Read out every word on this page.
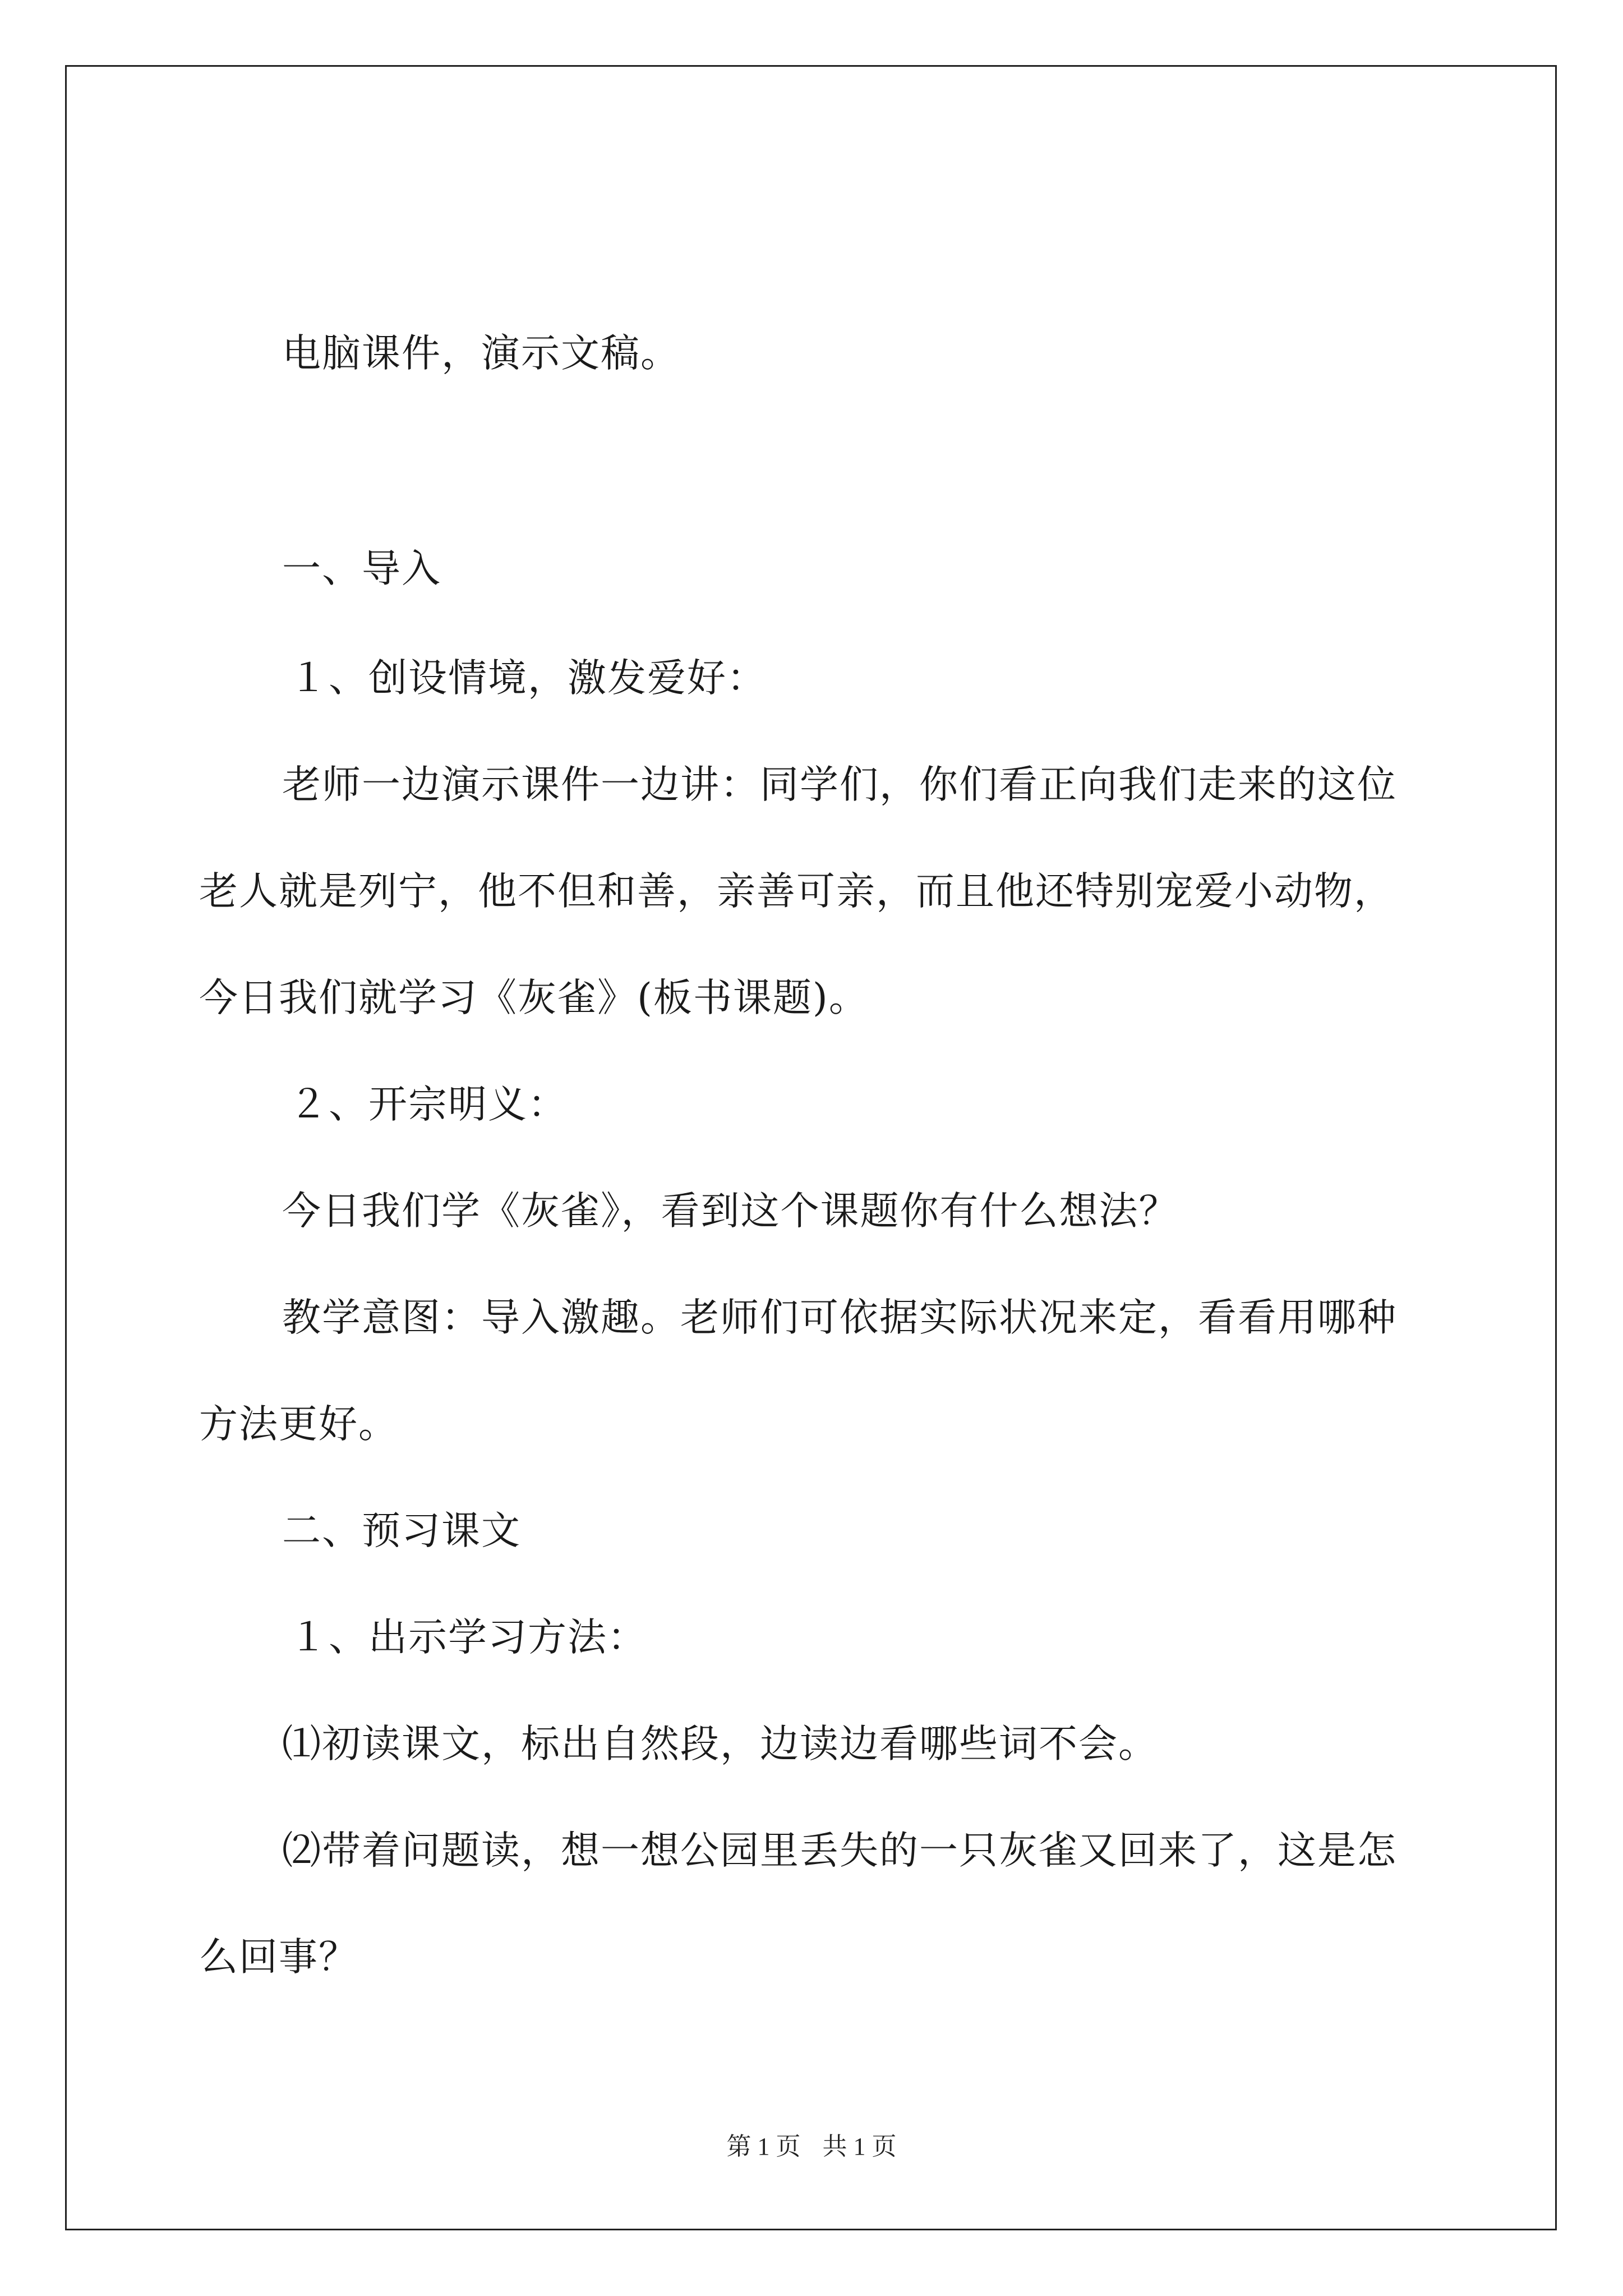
电脑课件，演示文稿。
一、导入
１、创设情境，激发爱好：
老师一边演示课件一边讲：同学们，你们看正向我们走来的这位
老人就是列宁，他不但和善，亲善可亲，而且他还特别宠爱小动物，
今日我们就学习《灰雀》(板书课题)。
２、开宗明义：
今日我们学《灰雀》，看到这个课题你有什么想法？
教学意图：导入激趣。老师们可依据实际状况来定，看看用哪种
方法更好。
二、预习课文
１、出示学习方法：
⑴初读课文，标出自然段，边读边看哪些词不会。
⑵带着问题读，想一想公园里丢失的一只灰雀又回来了，这是怎
么回事？
第 1 页 共 1 页
